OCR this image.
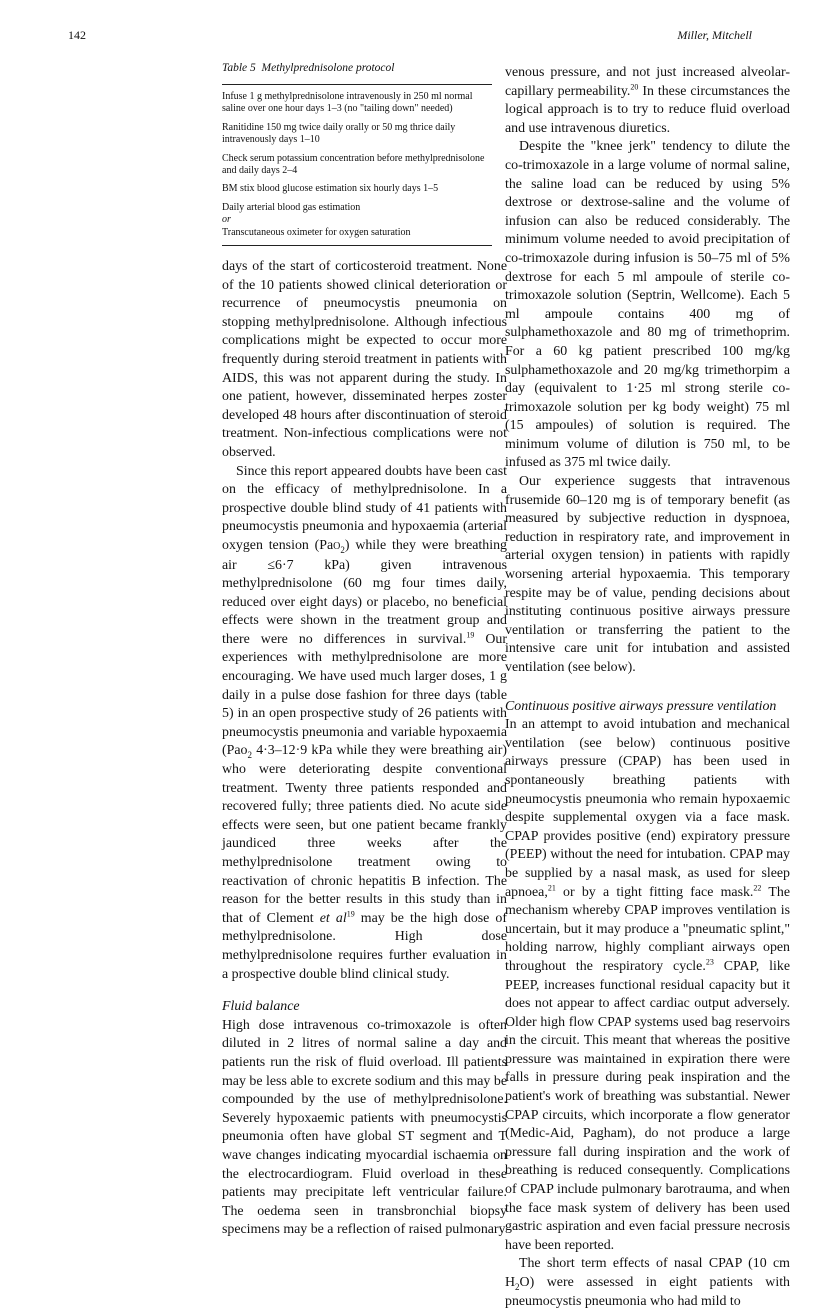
142	Miller, Mitchell
Table 5 Methylprednisolone protocol
Infuse 1 g methylprednisolone intravenously in 250 ml normal saline over one hour days 1–3 (no "tailing down" needed)
Ranitidine 150 mg twice daily orally or 50 mg thrice daily intravenously days 1–10
Check serum potassium concentration before methylprednisolone and daily days 2–4
BM stix blood glucose estimation six hourly days 1–5
Daily arterial blood gas estimation
or
Transcutaneous oximeter for oxygen saturation

days of the start of corticosteroid treatment. None of the 10 patients showed clinical deterioration or recurrence of pneumocystis pneumonia on stopping methylprednisolone. Although infectious complications might be expected to occur more frequently during steroid treatment in patients with AIDS, this was not apparent during the study. In one patient, however, disseminated herpes zoster developed 48 hours after discontinuation of steroid treatment. Non-infectious complications were not observed.

Since this report appeared doubts have been cast on the efficacy of methylprednisolone. In a prospective double blind study of 41 patients with pneumocystis pneumonia and hypoxaemia (arterial oxygen tension (PaO$_2$) while they were breathing air ≤6·7 kPa) given intravenous methylprednisolone (60 mg four times daily, reduced over eight days) or placebo, no beneficial effects were shown in the treatment group and there were no differences in survival.$^{19}$ Our experiences with methylprednisolone are more encouraging. We have used much larger doses, 1 g daily in a pulse dose fashion for three days (table 5) in an open prospective study of 26 patients with pneumocystis pneumonia and variable hypoxaemia (Pao$_2$ 4·3–12·9 kPa while they were breathing air) who were deteriorating despite conventional treatment. Twenty three patients responded and recovered fully; three patients died. No acute side effects were seen, but one patient became frankly jaundiced three weeks after the methylprednisolone treatment owing to reactivation of chronic hepatitis B infection. The reason for the better results in this study than in that of Clement et $al^{19}$ may be the high dose of methylprednisolone. High dose methylprednisolone requires further evaluation in a prospective double blind clinical study.

Fluid balance

High dose intravenous co-trimoxazole is often diluted in 2 litres of normal saline a day and patients run the risk of fluid overload. Ill patients may be less able to excrete sodium and this may be compounded by the use of methylprednisolone. Severely hypoxaemic patients with pneumocystis pneumonia often have global ST segment and T wave changes indicating myocardial ischaemia on the electrocardiogram. Fluid overload in these patients may precipitate left ventricular failure. The oedema seen in transbronchial biopsy specimens may be a reflection of raised pulmonary

venous pressure, and not just increased alveolar-capillary permeability.$^{20}$ In these circumstances the logical approach is to try to reduce fluid overload and use intravenous diuretics.

Despite the "knee jerk" tendency to dilute the co-trimoxazole in a large volume of normal saline, the saline load can be reduced by using 5% dextrose or dextrose-saline and the volume of infusion can also be reduced considerably. The minimum volume needed to avoid precipitation of co-trimoxazole during infusion is 50–75 ml of 5% dextrose for each 5 ml ampoule of sterile co-trimoxazole solution (Septrin, Wellcome). Each 5 ml ampoule contains 400 mg of sulphamethoxazole and 80 mg of trimethoprim. For a 60 kg patient prescribed 100 mg/kg sulphamethoxazole and 20 mg/kg trimethorpim a day (equivalent to 1·25 ml strong sterile co-trimoxazole solution per kg body weight) 75 ml (15 ampoules) of solution is required. The minimum volume of dilution is 750 ml, to be infused as 375 ml twice daily.

Our experience suggests that intravenous frusemide 60–120 mg is of temporary benefit (as measured by subjective reduction in dyspnoea, reduction in respiratory rate, and improvement in arterial oxygen tension) in patients with rapidly worsening arterial hypoxaemia. This temporary respite may be of value, pending decisions about instituting continuous positive airways pressure ventilation or transferring the patient to the intensive care unit for intubation and assisted ventilation (see below).

Continuous positive airways pressure ventilation

In an attempt to avoid intubation and mechanical ventilation (see below) continuous positive airways pressure (CPAP) has been used in spontaneously breathing patients with pneumocystis pneumonia who remain hypoxaemic despite supplemental oxygen via a face mask. CPAP provides positive (end) expiratory pressure (PEEP) without the need for intubation. CPAP may be supplied by a nasal mask, as used for sleep apnoea,$^{21}$ or by a tight fitting face mask.$^{22}$ The mechanism whereby CPAP improves ventilation is uncertain, but it may produce a "pneumatic splint," holding narrow, highly compliant airways open throughout the respiratory cycle.$^{23}$ CPAP, like PEEP, increases functional residual capacity but it does not appear to affect cardiac output adversely. Older high flow CPAP systems used bag reservoirs in the circuit. This meant that whereas the positive pressure was maintained in expiration there were falls in pressure during peak inspiration and the patient's work of breathing was substantial. Newer CPAP circuits, which incorporate a flow generator (Medic-Aid, Pagham), do not produce a large pressure fall during inspiration and the work of breathing is reduced consequently. Complications of CPAP include pulmonary barotrauma, and when the face mask system of delivery has been used gastric aspiration and even facial pressure necrosis have been reported.

The short term effects of nasal CPAP (10 cm $H_2O$) were assessed in eight patients with pneumocystis pneumonia who had mild to
